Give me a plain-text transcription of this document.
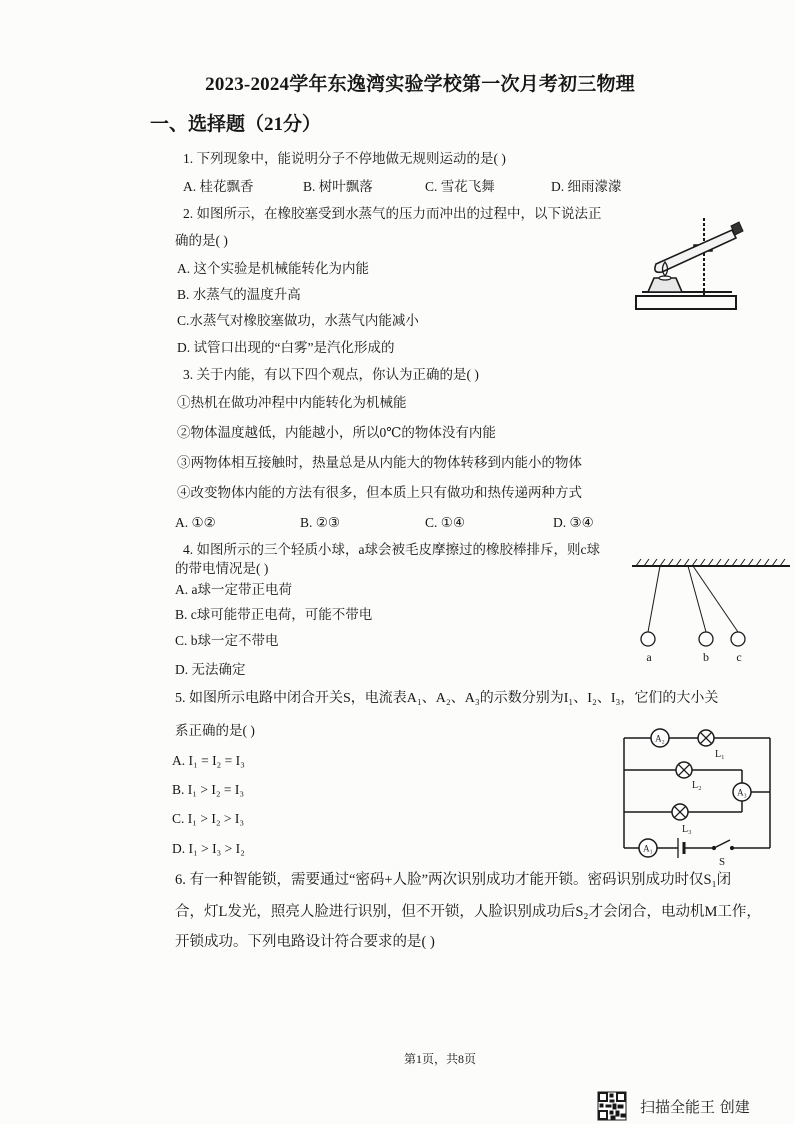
2023-2024学年东逸湾实验学校第一次月考初三物理
一、选择题（21分）
1. 下列现象中，能说明分子不停地做无规则运动的是( )
A. 桂花飘香	B. 树叶飘落	C. 雪花飞舞	D. 细雨濛濛
2. 如图所示，在橡胶塞受到水蒸气的压力而冲出的过程中，以下说法正
确的是( )
A. 这个实验是机械能转化为内能
B. 水蒸气的温度升高
C.水蒸气对橡胶塞做功，水蒸气内能减小
D. 试管口出现的“白雾”是汽化形成的
3. 关于内能，有以下四个观点，你认为正确的是( )
①热机在做功冲程中内能转化为机械能
②物体温度越低，内能越小，所以0℃的物体没有内能
③两物体相互接触时，热量总是从内能大的物体转移到内能小的物体
④改变物体内能的方法有很多，但本质上只有做功和热传递两种方式
A. ①②	B. ②③	C. ①④	D. ③④
4. 如图所示的三个轻质小球，a球会被毛皮摩擦过的橡胶棒排斥，则c球
的带电情况是( )
A. a球一定带正电荷
B. c球可能带正电荷，可能不带电
C. b球一定不带电
D. 无法确定
a	b c
5. 如图所示电路中闭合开关S，电流表A₁、A₂、A₃的示数分别为I₁、I₂、I₃，它们的大小关
系正确的是( )
A. I₁ = I₂ = I₃
B. I₁ > I₂ = I₃
C. I₁ > I₂ > I₃
D. I₁ > I₃ > I₂
A₂
L₁
L₂
A₃
L₃
A₁
S
6. 有一种智能锁，需要通过“密码+人脸”两次识别成功才能开锁。密码识别成功时仅S₁闭
合，灯L发光，照亮人脸进行识别，但不开锁，人脸识别成功后S₂才会闭合，电动机M工作，
开锁成功。下列电路设计符合要求的是( )
第1页，共8页
扫描全能王 创建
